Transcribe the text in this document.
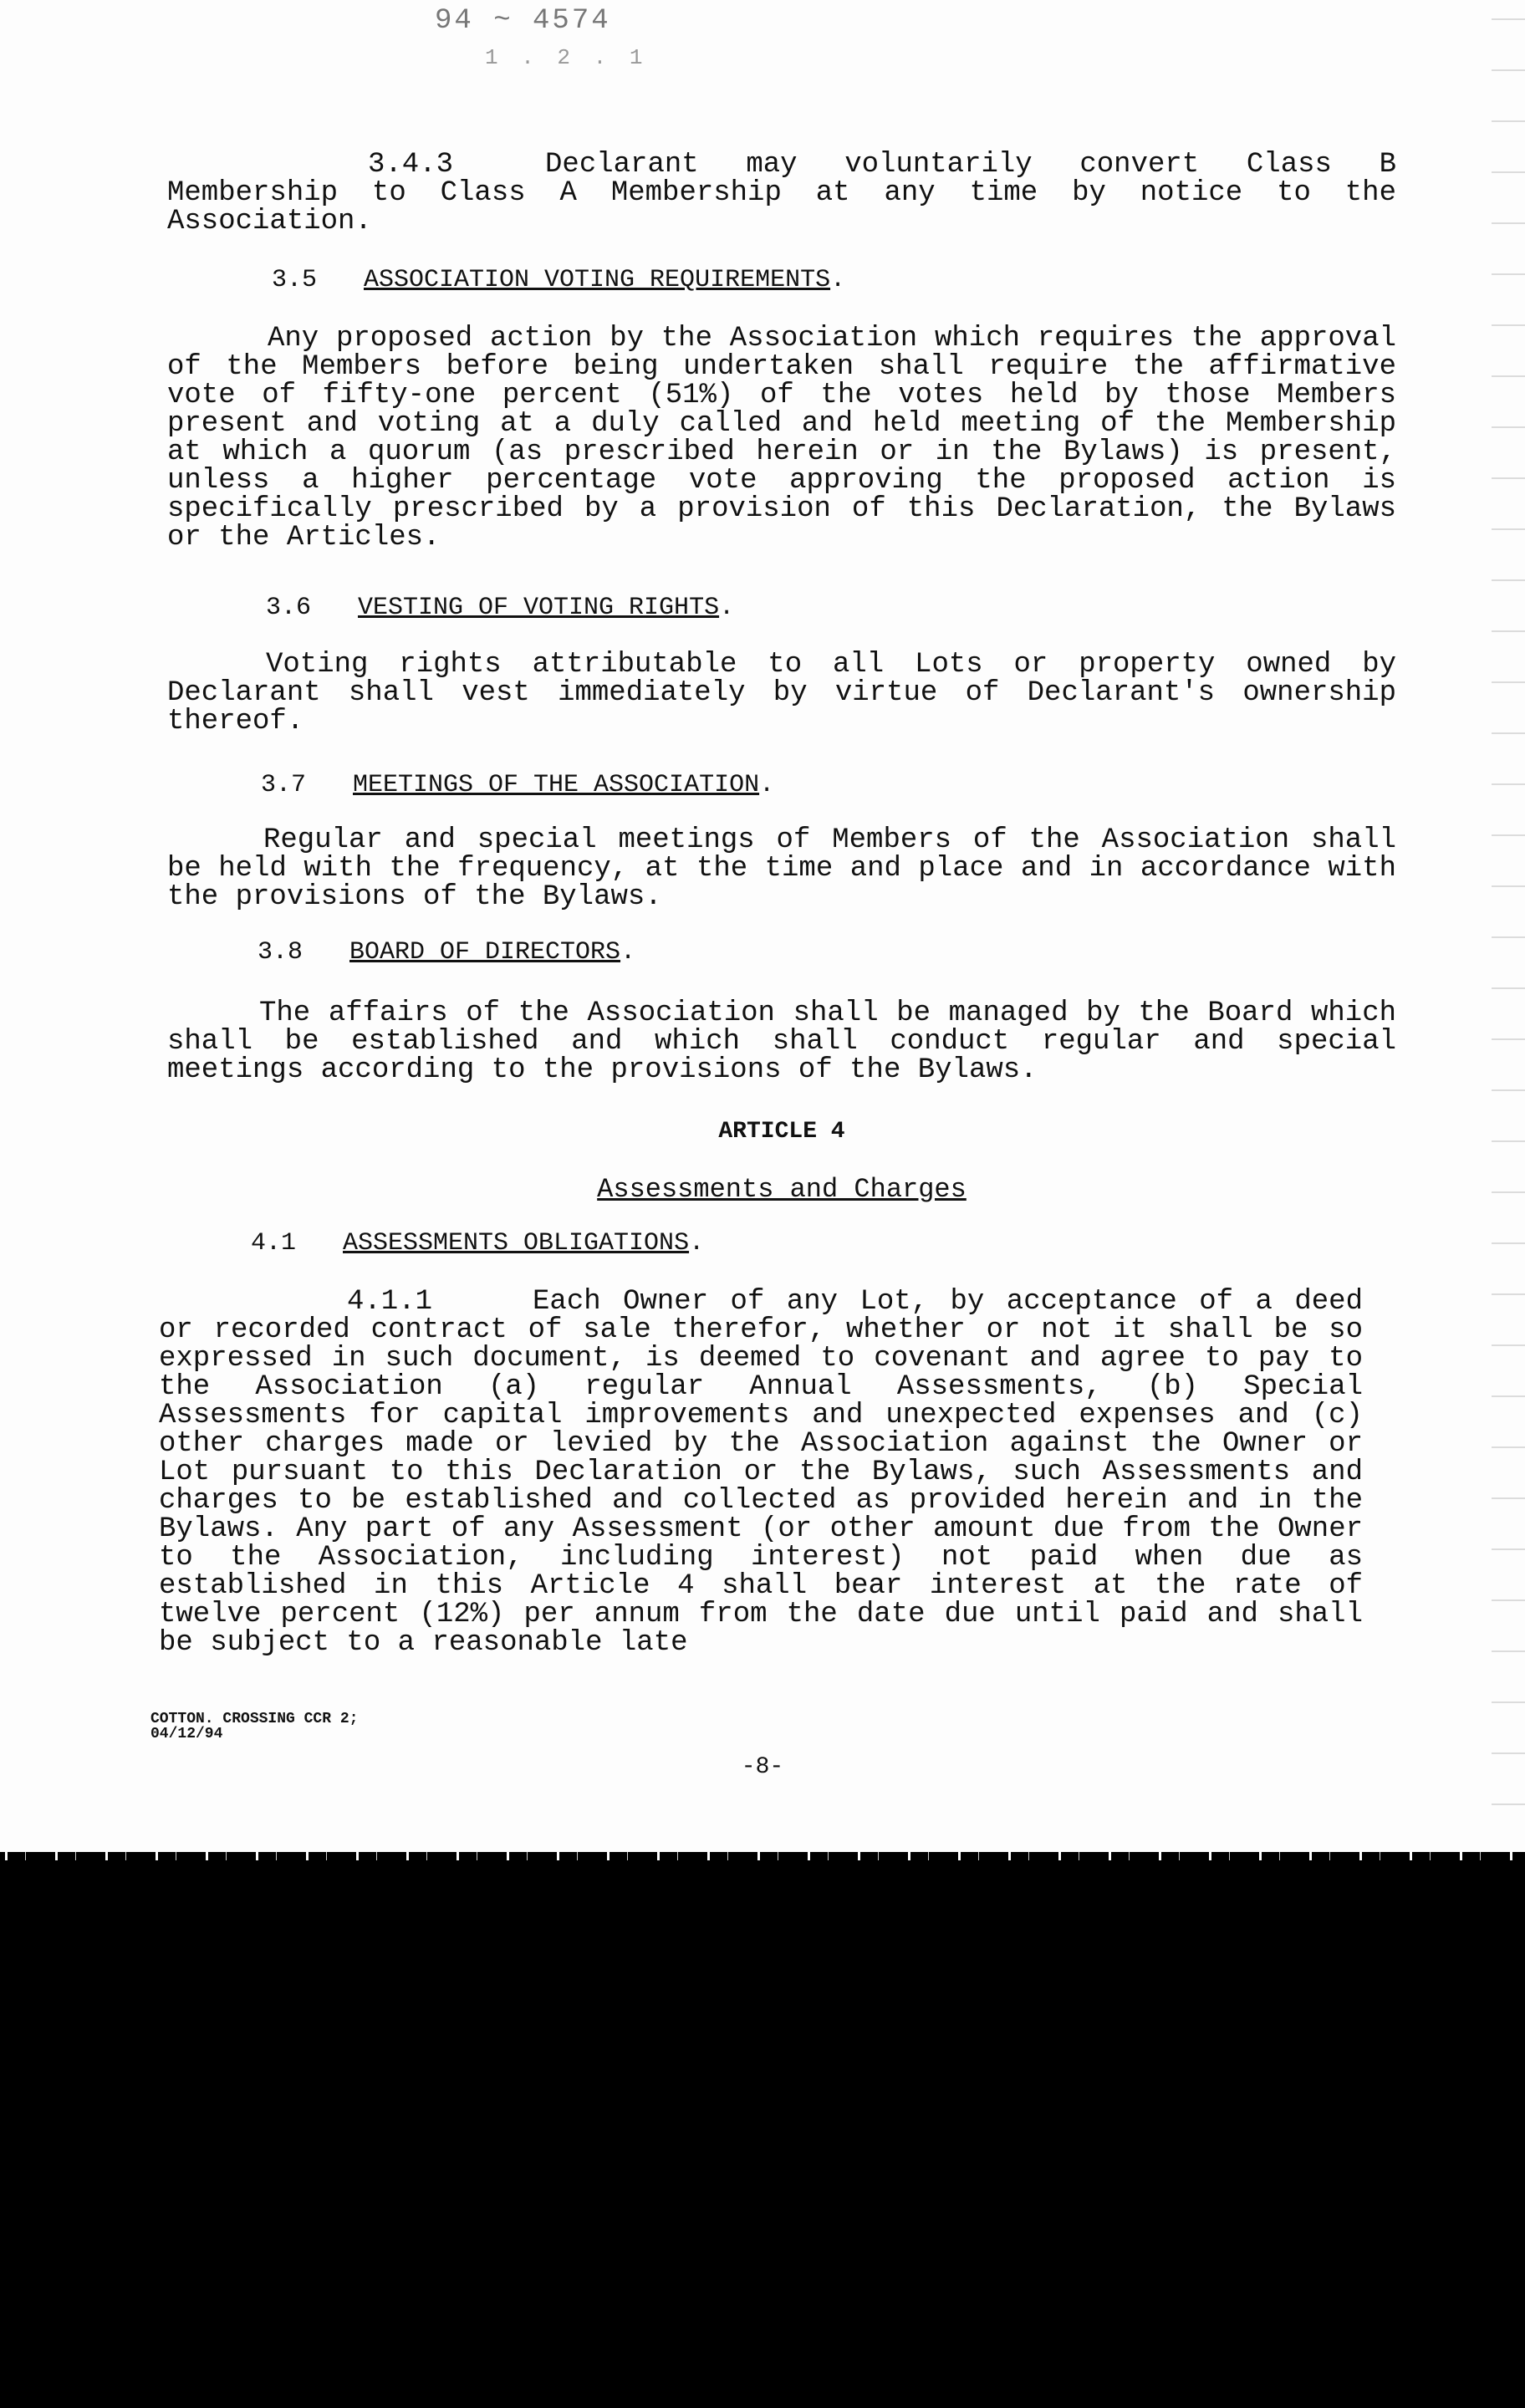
94 ~ 4574
1 . 2 . 1

3.4.3	Declarant may voluntarily convert Class B Membership to Class A Membership at any time by notice to the Association.

3.5 ASSOCIATION VOTING REQUIREMENTS.

Any proposed action by the Association which requires the approval of the Members before being undertaken shall require the affirmative vote of fifty-one percent (51%) of the votes held by those Members present and voting at a duly called and held meeting of the Membership at which a quorum (as prescribed herein or in the Bylaws) is present, unless a higher percentage vote approving the proposed action is specifically prescribed by a provision of this Declaration, the Bylaws or the Articles.

3.6 VESTING OF VOTING RIGHTS.

Voting rights attributable to all Lots or property owned by Declarant shall vest immediately by virtue of Declarant's ownership thereof.

3.7 MEETINGS OF THE ASSOCIATION.

Regular and special meetings of Members of the Association shall be held with the frequency, at the time and place and in accordance with the provisions of the Bylaws.

3.8 BOARD OF DIRECTORS.

The affairs of the Association shall be managed by the Board which shall be established and which shall conduct regular and special meetings according to the provisions of the Bylaws.

ARTICLE 4
Assessments and Charges
4.1 ASSESSMENTS OBLIGATIONS.

4.1.1	Each Owner of any Lot, by acceptance of a deed or recorded contract of sale therefor, whether or not it shall be so expressed in such document, is deemed to covenant and agree to pay to the Association (a) regular Annual Assessments, (b) Special Assessments for capital improvements and unexpected expenses and (c) other charges made or levied by the Association against the Owner or Lot pursuant to this Declaration or the Bylaws, such Assessments and charges to be established and collected as provided herein and in the Bylaws. Any part of any Assessment (or other amount due from the Owner to the Association, including interest) not paid when due as established in this Article 4 shall bear interest at the rate of twelve percent (12%) per annum from the date due until paid and shall be subject to a reasonable late

COTTON. CROSSING CCR 2;
04/12/94
-8-
